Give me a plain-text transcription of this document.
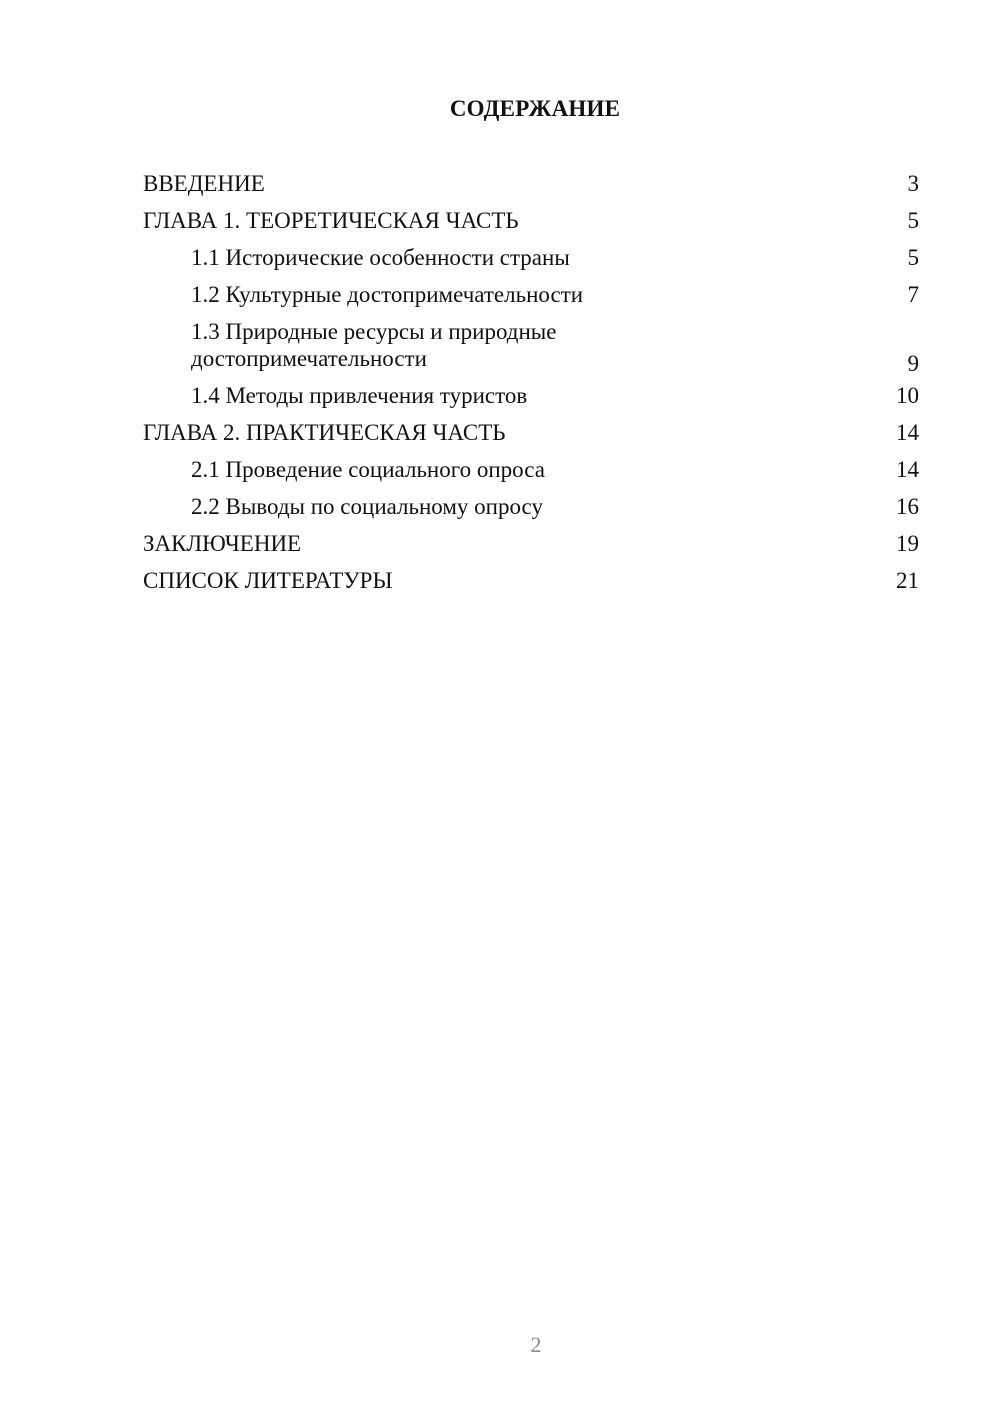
СОДЕРЖАНИЕ
ВВЕДЕНИЕ	3
ГЛАВА 1. ТЕОРЕТИЧЕСКАЯ ЧАСТЬ	5
1.1 Исторические особенности страны	5
1.2 Культурные достопримечательности	7
1.3 Природные ресурсы и природные достопримечательности	9
1.4 Методы привлечения туристов	10
ГЛАВА 2. ПРАКТИЧЕСКАЯ ЧАСТЬ	14
2.1 Проведение социального опроса	14
2.2 Выводы по социальному опросу	16
ЗАКЛЮЧЕНИЕ	19
СПИСОК ЛИТЕРАТУРЫ	21
2
